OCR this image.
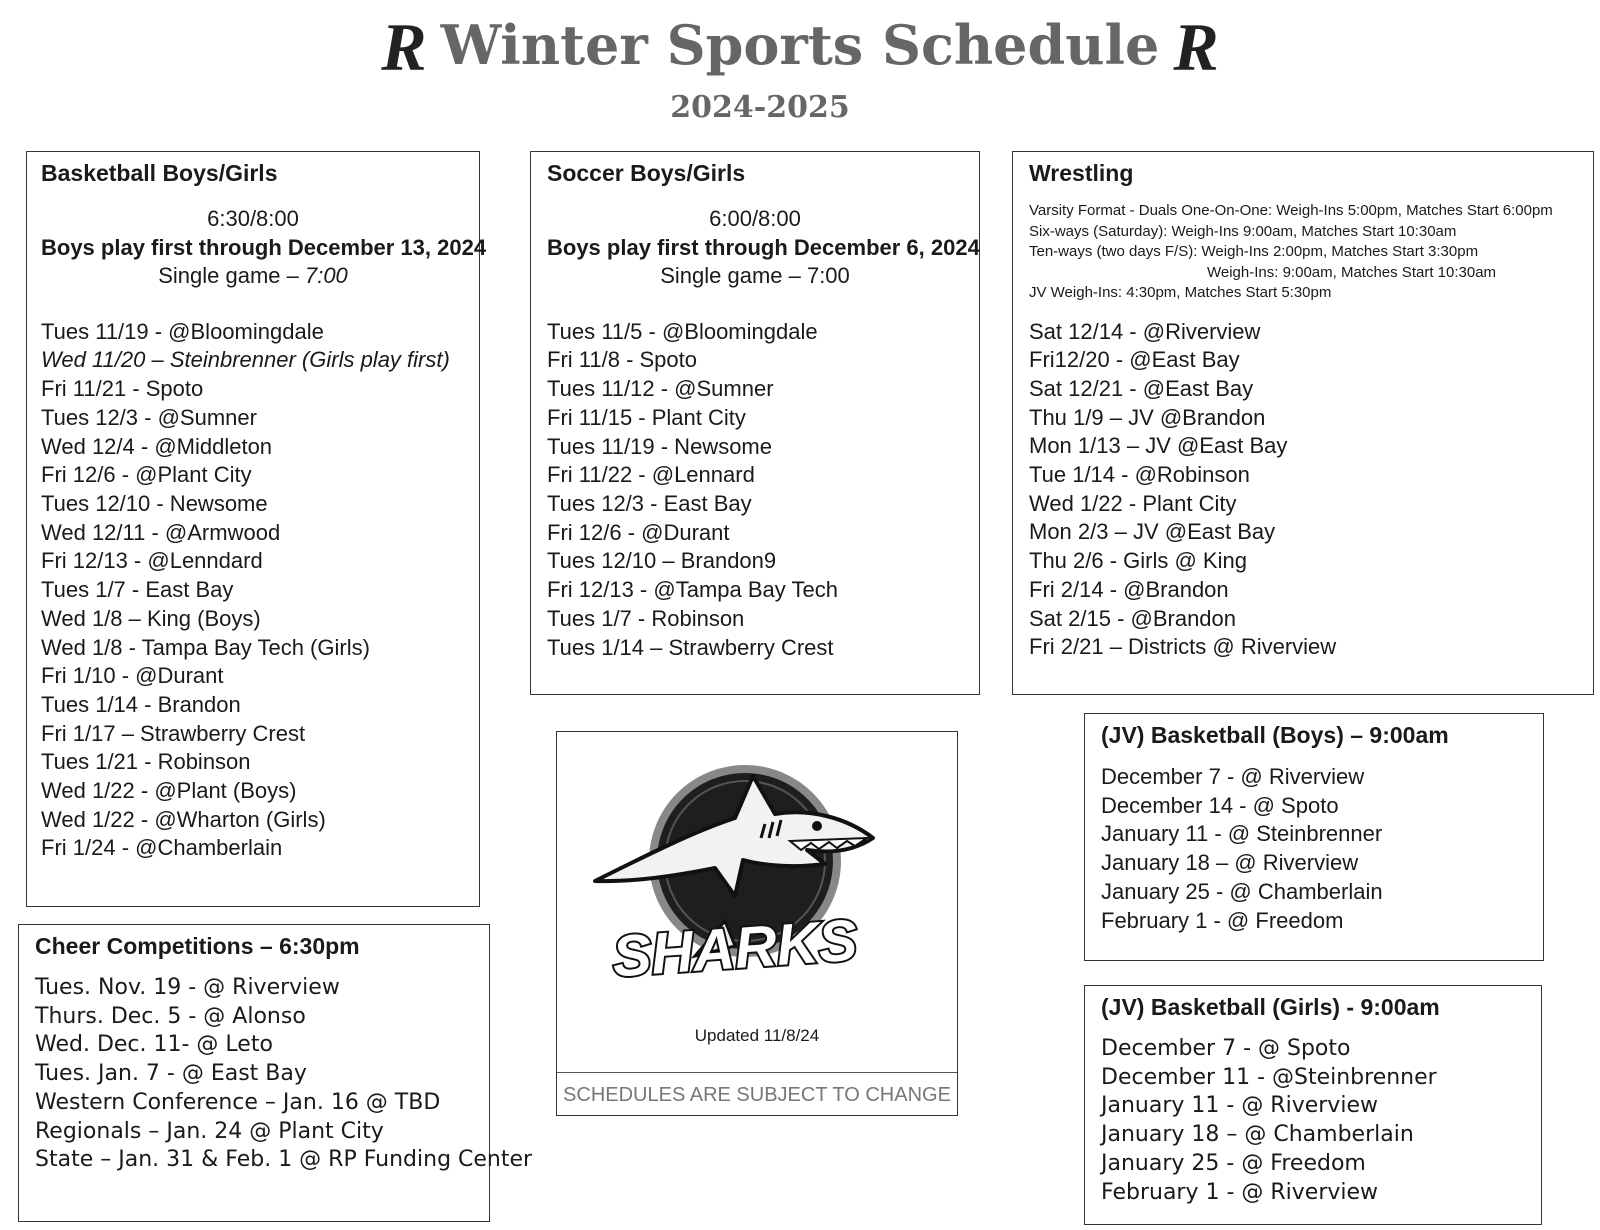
R Winter Sports Schedule R
2024-2025
Basketball Boys/Girls
6:30/8:00
Boys play first through December 13, 2024
Single game – 7:00
Tues 11/19 - @Bloomingdale
Wed 11/20 – Steinbrenner (Girls play first)
Fri 11/21 - Spoto
Tues 12/3 - @Sumner
Wed 12/4 - @Middleton
Fri 12/6 - @Plant City
Tues 12/10 - Newsome
Wed 12/11 - @Armwood
Fri 12/13 - @Lenndard
Tues 1/7 - East Bay
Wed 1/8 – King (Boys)
Wed 1/8 - Tampa Bay Tech (Girls)
Fri 1/10 - @Durant
Tues 1/14 - Brandon
Fri 1/17 – Strawberry Crest
Tues 1/21 - Robinson
Wed 1/22 - @Plant (Boys)
Wed 1/22 - @Wharton (Girls)
Fri 1/24 - @Chamberlain
Soccer Boys/Girls
6:00/8:00
Boys play first through December 6, 2024
Single game – 7:00
Tues 11/5 - @Bloomingdale
Fri 11/8 - Spoto
Tues 11/12 - @Sumner
Fri 11/15 - Plant City
Tues 11/19 - Newsome
Fri 11/22 - @Lennard
Tues 12/3 - East Bay
Fri 12/6 - @Durant
Tues 12/10 – Brandon9
Fri 12/13 - @Tampa Bay Tech
Tues 1/7 - Robinson
Tues 1/14 – Strawberry Crest
Wrestling
Varsity Format - Duals One-On-One: Weigh-Ins 5:00pm, Matches Start 6:00pm
Six-ways (Saturday): Weigh-Ins 9:00am, Matches Start 10:30am
Ten-ways (two days F/S): Weigh-Ins 2:00pm, Matches Start 3:30pm
Weigh-Ins: 9:00am, Matches Start 10:30am
JV Weigh-Ins: 4:30pm, Matches Start 5:30pm
Sat 12/14 - @Riverview
Fri12/20 - @East Bay
Sat 12/21 - @East Bay
Thu 1/9 – JV @Brandon
Mon 1/13 – JV @East Bay
Tue 1/14 - @Robinson
Wed 1/22 - Plant City
Mon 2/3 – JV @East Bay
Thu 2/6 - Girls @ King
Fri 2/14 - @Brandon
Sat 2/15 - @Brandon
Fri 2/21 – Districts @ Riverview
Cheer Competitions – 6:30pm
Tues. Nov. 19 - @ Riverview
Thurs. Dec. 5 - @ Alonso
Wed. Dec. 11- @ Leto
Tues. Jan. 7 - @ East Bay
Western Conference – Jan. 16 @ TBD
Regionals – Jan. 24 @ Plant City
State – Jan. 31 & Feb. 1 @ RP Funding Center
SHARKS
Updated 11/8/24
SCHEDULES ARE SUBJECT TO CHANGE
(JV) Basketball (Boys) – 9:00am
December 7 - @ Riverview
December 14 - @ Spoto
January 11 - @ Steinbrenner
January 18 – @ Riverview
January 25 - @ Chamberlain
February 1 - @ Freedom
(JV) Basketball (Girls) - 9:00am
December 7 - @ Spoto
December 11 - @Steinbrenner
January 11 - @ Riverview
January 18 – @ Chamberlain
January 25 - @ Freedom
February 1 - @ Riverview
